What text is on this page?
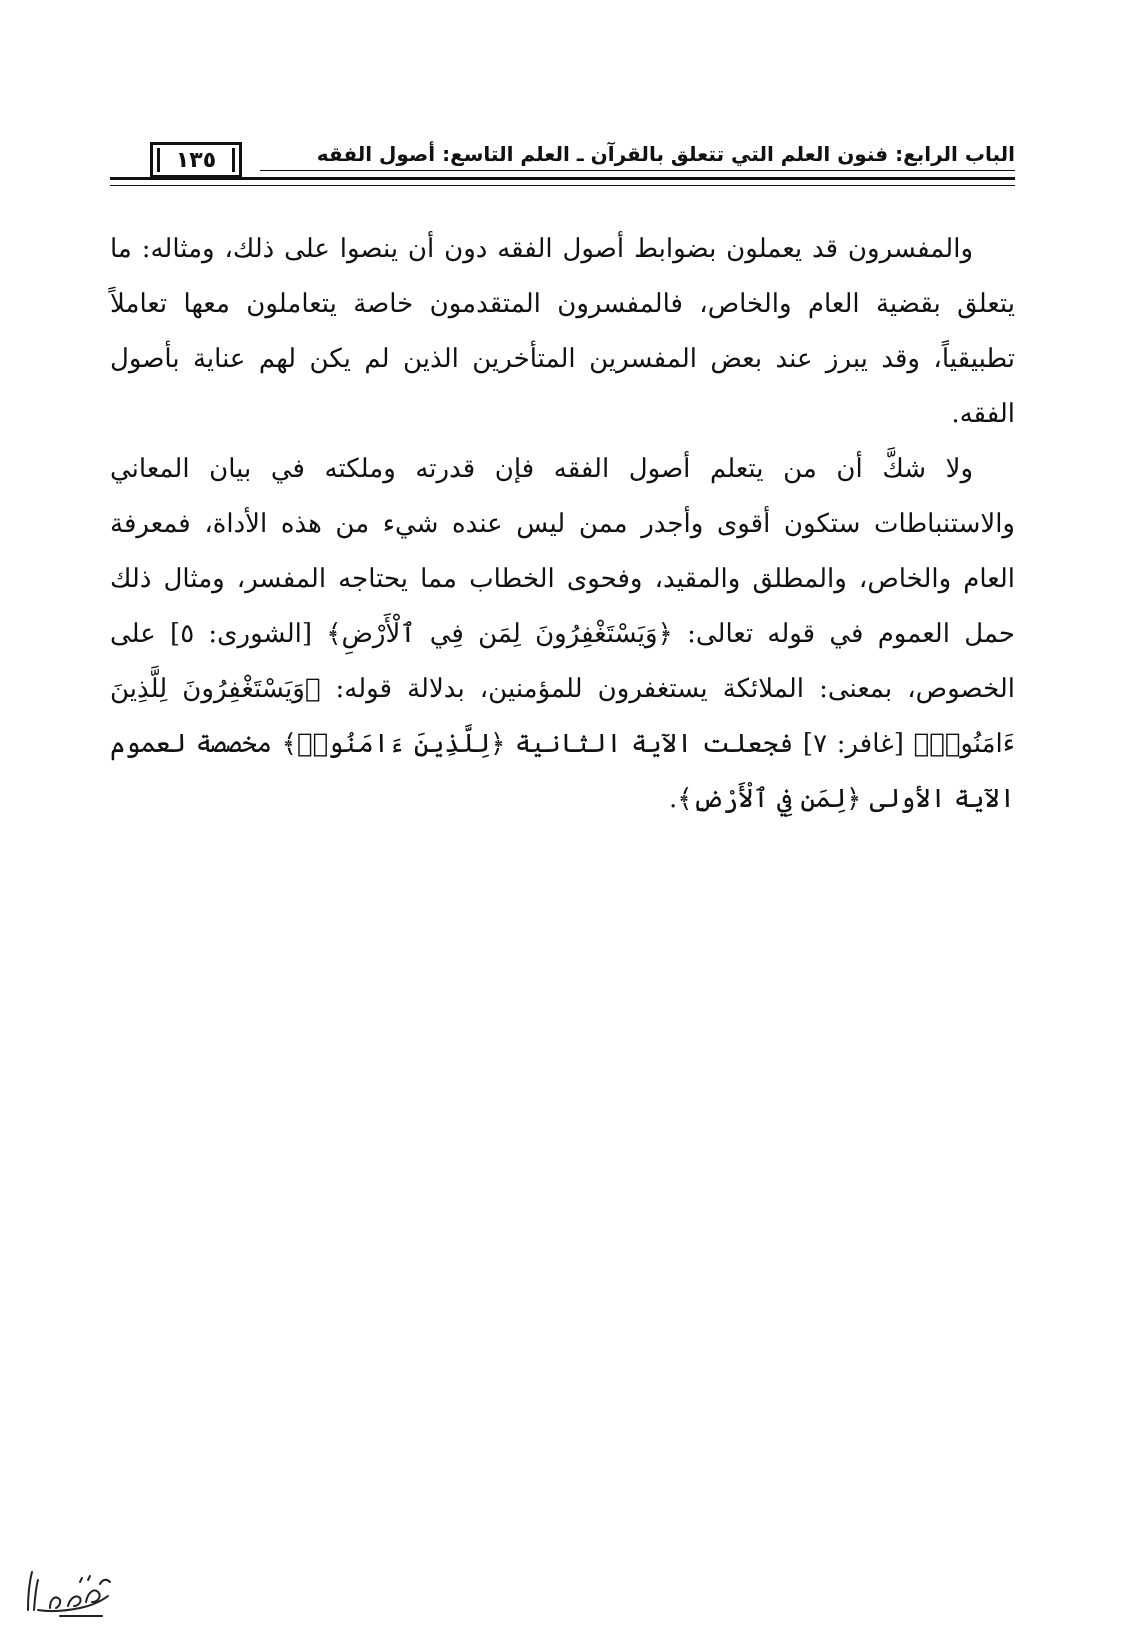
الباب الرابع: فنون العلم التي تتعلق بالقرآن ـ العلم التاسع: أصول الفقه
١٣٥

والمفسرون قد يعملون بضوابط أصول الفقه دون أن ينصوا على ذلك، ومثاله: ما يتعلق بقضية العام والخاص، فالمفسرون المتقدمون خاصة يتعاملون معها تعاملاً تطبيقياً، وقد يبرز عند بعض المفسرين المتأخرين الذين لم يكن لهم عناية بأصول الفقه.

ولا شكَّ أن من يتعلم أصول الفقه فإن قدرته وملكته في بيان المعاني والاستنباطات ستكون أقوى وأجدر ممن ليس عنده شيء من هذه الأداة، فمعرفة العام والخاص، والمطلق والمقيد، وفحوى الخطاب مما يحتاجه المفسر، ومثال ذلك حمل العموم في قوله تعالى: ﴿وَيَسْتَغْفِرُونَ لِمَن فِي ٱلْأَرْضِ﴾ [الشورى: ٥] على الخصوص، بمعنى: الملائكة يستغفرون للمؤمنين، بدلالة قوله: ﴿وَيَسْتَغْفِرُونَ لِلَّذِينَ ءَامَنُوا۟﴾ [غافر: ٧] فجعلت الآية الثانية ﴿لِلَّذِينَ ءَامَنُوا۟﴾ مخصصة لعموم الآية الأولى ﴿لِمَن فِي ٱلْأَرْضِ﴾.
